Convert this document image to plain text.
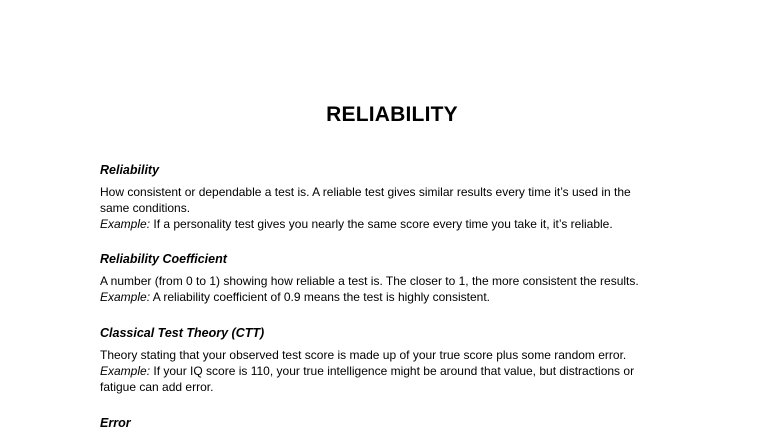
RELIABILITY

Reliability

How consistent or dependable a test is. A reliable test gives similar results every time it’s used in the

same conditions.

Example: If a personality test gives you nearly the same score every time you take it, it’s reliable.

Reliability Coefficient

A number (from 0 to 1) showing how reliable a test is. The closer to 1, the more consistent the results.

Example: A reliability coefficient of 0.9 means the test is highly consistent.

Classical Test Theory (CTT)

Theory stating that your observed test score is made up of your true score plus some random error.

Example: If your IQ score is 110, your true intelligence might be around that value, but distractions or

fatigue can add error.

Error
